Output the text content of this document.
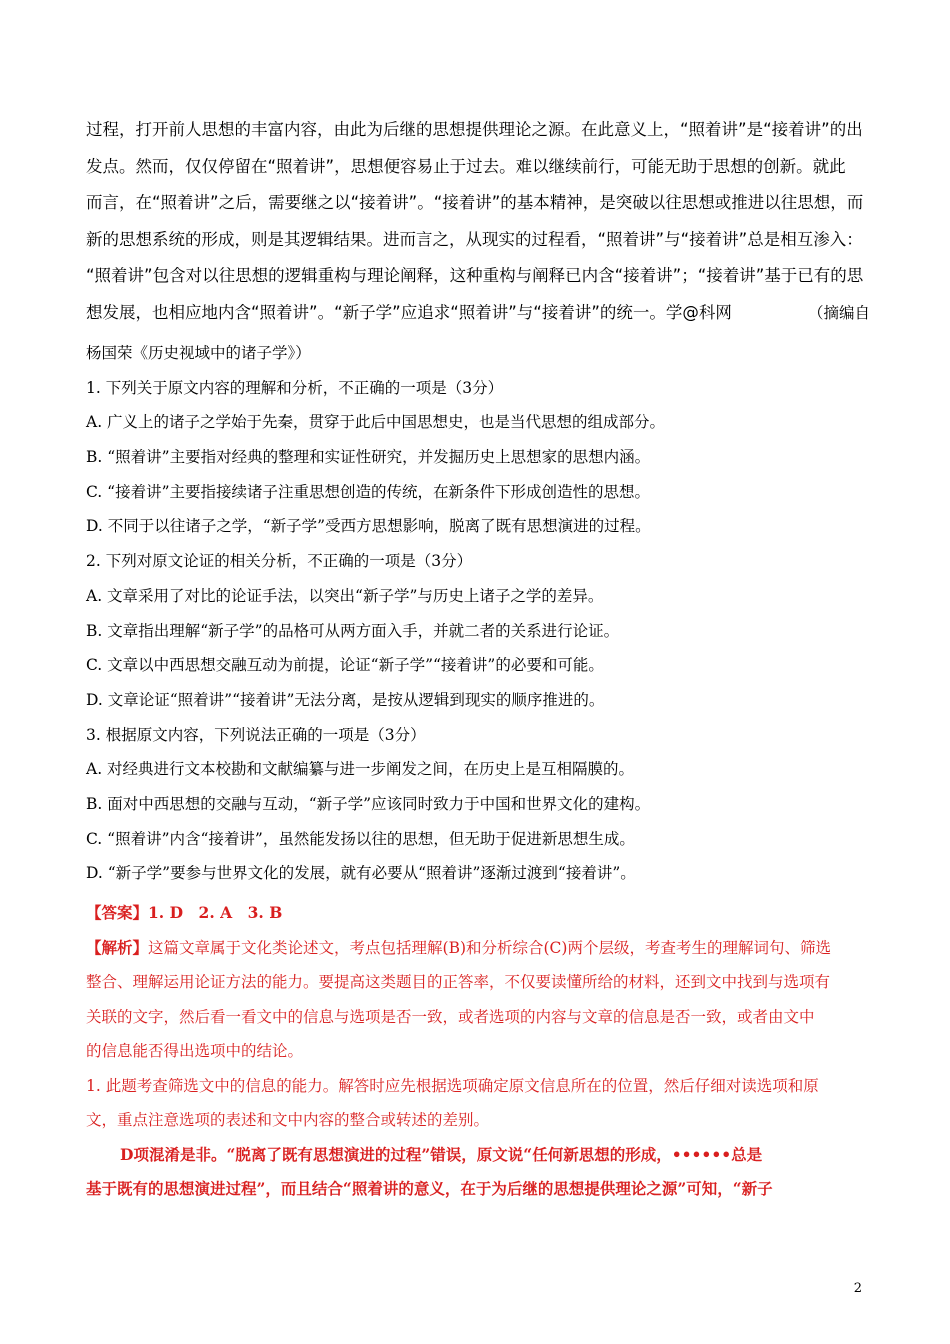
过程，打开前人思想的丰富内容，由此为后继的思想提供理论之源。在此意义上，“照着讲”是“接着讲”的出
发点。然而，仅仅停留在“照着讲”，思想便容易止于过去。难以继续前行，可能无助于思想的创新。就此
而言，在“照着讲”之后，需要继之以“接着讲”。“接着讲”的基本精神，是突破以往思想或推进以往思想，而
新的思想系统的形成，则是其逻辑结果。进而言之，从现实的过程看，“照着讲”与“接着讲”总是相互渗入：
“照着讲”包含对以往思想的逻辑重构与理论阐释，这种重构与阐释已内含“接着讲”；“接着讲”基于已有的思
想发展，也相应地内含“照着讲”。“新子学”应追求“照着讲”与“接着讲”的统一。学@科网	（摘编自
杨国荣《历史视域中的诸子学》）
1. 下列关于原文内容的理解和分析，不正确的一项是（3分）
A. 广义上的诸子之学始于先秦，贯穿于此后中国思想史，也是当代思想的组成部分。
B. “照着讲”主要指对经典的整理和实证性研究，并发掘历史上思想家的思想内涵。
C. “接着讲”主要指接续诸子注重思想创造的传统，在新条件下形成创造性的思想。
D. 不同于以往诸子之学，“新子学”受西方思想影响，脱离了既有思想演进的过程。
2. 下列对原文论证的相关分析，不正确的一项是（3分）
A. 文章采用了对比的论证手法，以突出“新子学”与历史上诸子之学的差异。
B. 文章指出理解“新子学”的品格可从两方面入手，并就二者的关系进行论证。
C. 文章以中西思想交融互动为前提，论证“新子学”“接着讲”的必要和可能。
D. 文章论证“照着讲”“接着讲”无法分离，是按从逻辑到现实的顺序推进的。
3. 根据原文内容，下列说法正确的一项是（3分）
A. 对经典进行文本校勘和文献编纂与进一步阐发之间，在历史上是互相隔膜的。
B. 面对中西思想的交融与互动，“新子学”应该同时致力于中国和世界文化的建构。
C. “照着讲”内含“接着讲”，虽然能发扬以往的思想，但无助于促进新思想生成。
D. “新子学”要参与世界文化的发展，就有必要从“照着讲”逐渐过渡到“接着讲”。
【答案】1. D　2. A　3. B
【解析】这篇文章属于文化类论述文，考点包括理解(B)和分析综合(C)两个层级，考查考生的理解词句、筛选
整合、理解运用论证方法的能力。要提高这类题目的正答率，不仅要读懂所给的材料，还到文中找到与选项有
关联的文字，然后看一看文中的信息与选项是否一致，或者选项的内容与文章的信息是否一致，或者由文中
的信息能否得出选项中的结论。
1. 此题考查筛选文中的信息的能力。解答时应先根据选项确定原文信息所在的位置，然后仔细对读选项和原
文，重点注意选项的表述和文中内容的整合或转述的差别。
D项混淆是非。“脱离了既有思想演进的过程”错误，原文说“任何新思想的形成，••••••总是
基于既有的思想演进过程”，而且结合“照着讲的意义，在于为后继的思想提供理论之源”可知，“新子
2
